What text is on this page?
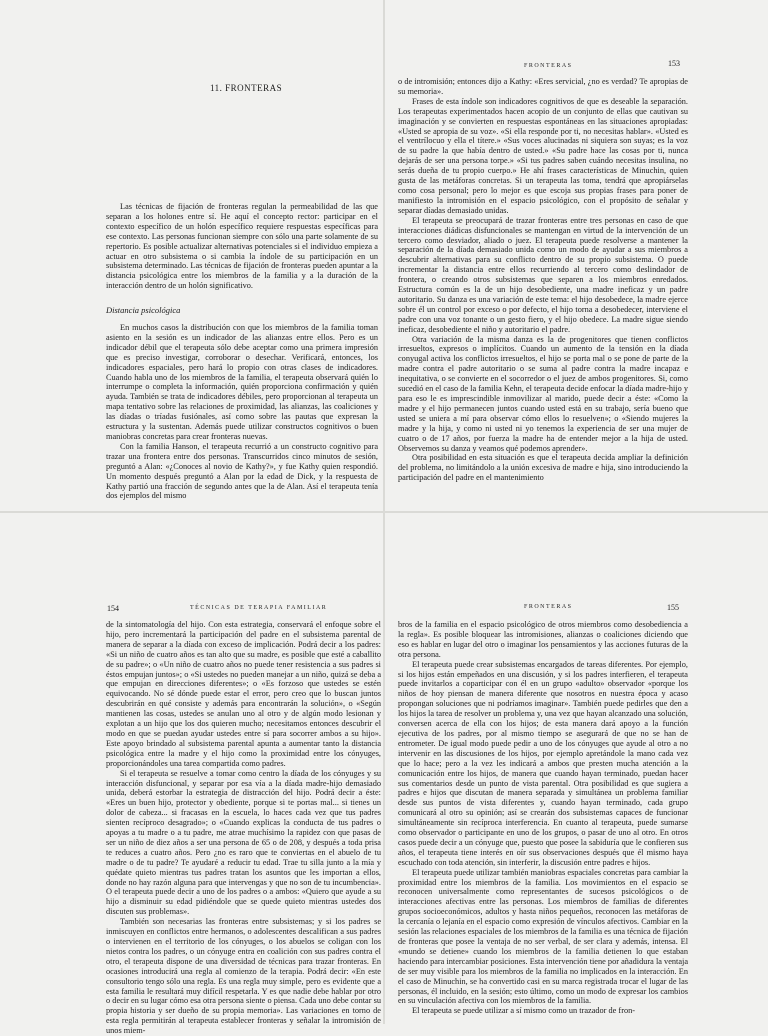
11. FRONTERAS

Las técnicas de fijación de fronteras regulan la permeabilidad de las que separan a los holones entre sí. He aquí el concepto rector: participar en el contexto específico de un holón específico requiere respuestas específicas para ese contexto. Las personas funcionan siempre con sólo una parte solamente de su repertorio. Es posible actualizar alternativas potenciales si el individuo empieza a actuar en otro subsistema o si cambia la índole de su participación en un subsistema determinado. Las técnicas de fijación de fronteras pueden apuntar a la distancia psicológica entre los miembros de la familia y a la duración de la interacción dentro de un holón significativo.

Distancia psicológica

En muchos casos la distribución con que los miembros de la familia toman asiento en la sesión es un indicador de las alianzas entre ellos. Pero es un indicador débil que el terapeuta sólo debe aceptar como una primera impresión que es preciso investigar, corroborar o desechar. Verificará, entonces, los indicadores espaciales, pero hará lo propio con otras clases de indicadores. Cuando habla uno de los miembros de la familia, el terapeuta observará quién lo interrumpe o completa la información, quién proporciona confirmación y quién ayuda. También se trata de indicadores débiles, pero proporcionan al terapeuta un mapa tentativo sobre las relaciones de proximidad, las alianzas, las coaliciones y las díadas o tríadas fusiónales, así como sobre las pautas que expresan la estructura y la sustentan. Además puede utilizar constructos cognitivos o buen maniobras concretas para crear fronteras nuevas.

Con la familia Hanson, el terapeuta recurrió a un constructo cognitivo para trazar una frontera entre dos personas. Transcurridos cinco minutos de sesión, preguntó a Alan: «¿Conoces al novio de Kathy?», y fue Kathy quien respondió. Un momento después preguntó a Alan por la edad de Dick, y la respuesta de Kathy partió una fracción de segundo antes que la de Alan. Así el terapeuta tenía dos ejemplos del mismo

FRONTERAS	153

o de intromisión; entonces dijo a Kathy: «Eres servicial, ¿no es verdad? Te apropias de su memoria».

Frases de esta índole son indicadores cognitivos de que es deseable la separación. Los terapeutas experimentados hacen acopio de un conjunto de ellas que cautivan su imaginación y se convierten en respuestas espontáneas en las situaciones apropiadas: «Usted se apropia de su voz». «Si ella responde por ti, no necesitas hablar». «Usted es el ventrílocuo y ella el títere.» «Sus voces alucinadas ni siquiera son suyas; es la voz de su padre la que había dentro de usted.» «Su padre hace las cosas por ti, nunca dejarás de ser una persona torpe.» «Si tus padres saben cuándo necesitas insulina, no serás dueña de tu propio cuerpo.» He ahí frases características de Minuchin, quien gusta de las metáforas concretas. Si un terapeuta las toma, tendrá que apropiárselas como cosa personal; pero lo mejor es que escoja sus propias frases para poner de manifiesto la intromisión en el espacio psicológico, con el propósito de señalar y separar díadas demasiado unidas.

El terapeuta se preocupará de trazar fronteras entre tres personas en caso de que interacciones diádicas disfuncionales se mantengan en virtud de la intervención de un tercero como desviador, aliado o juez. El terapeuta puede resolverse a mantener la separación de la díada demasiado unida como un modo de ayudar a sus miembros a descubrir alternativas para su conflicto dentro de su propio subsistema. O puede incrementar la distancia entre ellos recurriendo al tercero como deslindador de frontera, o creando otros subsistemas que separen a los miembros enredados. Estructura común es la de un hijo desobediente, una madre ineficaz y un padre autoritario. Su danza es una variación de este tema: el hijo desobedece, la madre ejerce sobre él un control por exceso o por defecto, el hijo torna a desobedecer, interviene el padre con una voz tonante o un gesto fiero, y el hijo obedece. La madre sigue siendo ineficaz, desobediente el niño y autoritario el padre.

Otra variación de la misma danza es la de progenitores que tienen conflictos irresueltos, expresos o implícitos. Cuando un aumento de la tensión en la díada conyugal activa los conflictos irresueltos, el hijo se porta mal o se pone de parte de la madre contra el padre autoritario o se suma al padre contra la madre incapaz e inequitativa, o se convierte en el socorredor o el juez de ambos progenitores. Si, como sucedió en el caso de la familia Kehn, el terapeuta decide enfocar la díada madre-hijo y para eso le es imprescindible inmovilizar al marido, puede decir a éste: «Como la madre y el hijo permanecen juntos cuando usted está en su trabajo, sería bueno que usted se uniera a mí para observar cómo ellos lo resuelven»; o «Siendo mujeres la madre y la hija, y como ni usted ni yo tenemos la experiencia de ser una mujer de cuatro o de 17 años, por fuerza la madre ha de entender mejor a la hija de usted. Observemos su danza y veamos qué podemos aprender».

Otra posibilidad en esta situación es que el terapeuta decida ampliar la definición del problema, no limitándolo a la unión excesiva de madre e hija, sino introduciendo la participación del padre en el mantenimiento

154	TÉCNICAS DE TERAPIA FAMILIAR

de la sintomatología del hijo. Con esta estrategia, conservará el enfoque sobre el hijo, pero incrementará la participación del padre en el subsistema parental de manera de separar a la díada con exceso de implicación. Podrá decir a los padres: «Si un niño de cuatro años es tan alto que su madre, es posible que esté a caballito de su padre»; o «Un niño de cuatro años no puede tener resistencia a sus padres si éstos empujan juntos»; o «Si ustedes no pueden manejar a un niño, quizá se deba a que empujan en direcciones diferentes»; o «Es forzoso que ustedes se estén equivocando. No sé dónde puede estar el error, pero creo que lo buscan juntos descubrirán en qué consiste y además para encontrarán la solución», o «Según mantienen las cosas, ustedes se anulan uno al otro y de algún modo lesionan y explotan a un hijo que los dos quieren mucho; necesitamos entonces descubrir el modo en que se puedan ayudar ustedes entre sí para socorrer ambos a su hijo». Este apoyo brindado al subsistema parental apunta a aumentar tanto la distancia psicológica entre la madre y el hijo como la proximidad entre los cónyuges, proporcionándoles una tarea compartida como padres.

Si el terapeuta se resuelve a tomar como centro la díada de los cónyuges y su interacción disfuncional, y separar por esa vía a la díada madre-hijo demasiado unida, deberá estorbar la estrategia de distracción del hijo. Podrá decir a éste: «Eres un buen hijo, protector y obediente, porque si te portas mal... si tienes un dolor de cabeza... si fracasas en la escuela, lo haces cada vez que tus padres sienten recíproco desagrado»; o «Cuando explicas la conducta de tus padres o apoyas a tu madre o a tu padre, me atrae muchísimo la rapidez con que pasas de ser un niño de diez años a ser una persona de 65 o de 208, y después a toda prisa te reduces a cuatro años. Pero ¿no es raro que te conviertas en el abuelo de tu madre o de tu padre? Te ayudaré a reducir tu edad. Trae tu silla junto a la mía y quédate quieto mientras tus padres tratan los asuntos que les importan a ellos, donde no hay razón alguna para que intervengas y que no son de tu incumbencia». O el terapeuta puede decir a uno de los padres o a ambos: «Quiero que ayude a su hijo a disminuir su edad pidiéndole que se quede quieto mientras ustedes dos discuten sus problemas».

También son necesarias las fronteras entre subsistemas; y si los padres se inmiscuyen en conflictos entre hermanos, o adolescentes descalifican a sus padres o intervienen en el territorio de los cónyuges, o los abuelos se coligan con los nietos contra los padres, o un cónyuge entra en coalición con sus padres contra el otro, el terapeuta dispone de una diversidad de técnicas para trazar fronteras. En ocasiones introducirá una regla al comienzo de la terapia. Podrá decir: «En este consultorio tengo sólo una regla. Es una regla muy simple, pero es evidente que a esta familia le resultará muy difícil respetarla. Y es que nadie debe hablar por otro o decir en su lugar cómo esa otra persona siente o piensa. Cada uno debe contar su propia historia y ser dueño de su propia memoria». Las variaciones en torno de esta regla permitirán al terapeuta establecer fronteras y señalar la intromisión de unos miem-

FRONTERAS	155

bros de la familia en el espacio psicológico de otros miembros como desobediencia a la regla». Es posible bloquear las intromisiones, alianzas o coaliciones diciendo que eso es hablar en lugar del otro o imaginar los pensamientos y las acciones futuras de la otra persona.

El terapeuta puede crear subsistemas encargados de tareas diferentes. Por ejemplo, si los hijos están empeñados en una discusión, y si los padres interfieren, el terapeuta puede invitarlos a coparticipar con él en un grupo «adulto» observador «porque los niños de hoy piensan de manera diferente que nosotros en nuestra época y acaso propongan soluciones que ni podríamos imaginar». También puede pedirles que den a los hijos la tarea de resolver un problema y, una vez que hayan alcanzado una solución, conversen acerca de ella con los hijos; de esta manera dará apoyo a la función ejecutiva de los padres, por al mismo tiempo se asegurará de que no se han de entrometer. De igual modo puede pedir a uno de los cónyuges que ayude al otro a no intervenir en las discusiones de los hijos, por ejemplo apretándole la mano cada vez que lo hace; pero a la vez les indicará a ambos que presten mucha atención a la comunicación entre los hijos, de manera que cuando hayan terminado, puedan hacer sus comentarios desde un punto de vista parental. Otra posibilidad es que sugiera a padres e hijos que discutan de manera separada y simultánea un problema familiar desde sus puntos de vista diferentes y, cuando hayan terminado, cada grupo comunicará al otro su opinión; así se crearán dos subsistemas capaces de funcionar simultáneamente sin recíproca interferencia. En cuanto al terapeuta, puede sumarse como observador o participante en uno de los grupos, o pasar de uno al otro. En otros casos puede decir a un cónyuge que, puesto que posee la sabiduría que le confieren sus años, el terapeuta tiene interés en oír sus observaciones después que él mismo haya escuchado con toda atención, sin interferir, la discusión entre padres e hijos.

El terapeuta puede utilizar también maniobras espaciales concretas para cambiar la proximidad entre los miembros de la familia. Los movimientos en el espacio se reconocen universalmente como representantes de sucesos psicológicos o de interacciones afectivas entre las personas. Los miembros de familias de diferentes grupos socioeconómicos, adultos y hasta niños pequeños, reconocen las metáforas de la cercanía o lejanía en el espacio como expresión de vínculos afectivos. Cambiar en la sesión las relaciones espaciales de los miembros de la familia es una técnica de fijación de fronteras que posee la ventaja de no ser verbal, de ser clara y además, intensa. El «mundo se detiene» cuando los miembros de la familia detienen lo que estaban haciendo para intercambiar posiciones. Esta intervención tiene por añadidura la ventaja de ser muy visible para los miembros de la familia no implicados en la interacción. En el caso de Minuchin, se ha convertido casi en su marca registrada trocar el lugar de las personas, él incluido, en la sesión; esto último, como un modo de expresar los cambios en su vinculación afectiva con los miembros de la familia.

El terapeuta se puede utilizar a sí mismo como un trazador de fron-
